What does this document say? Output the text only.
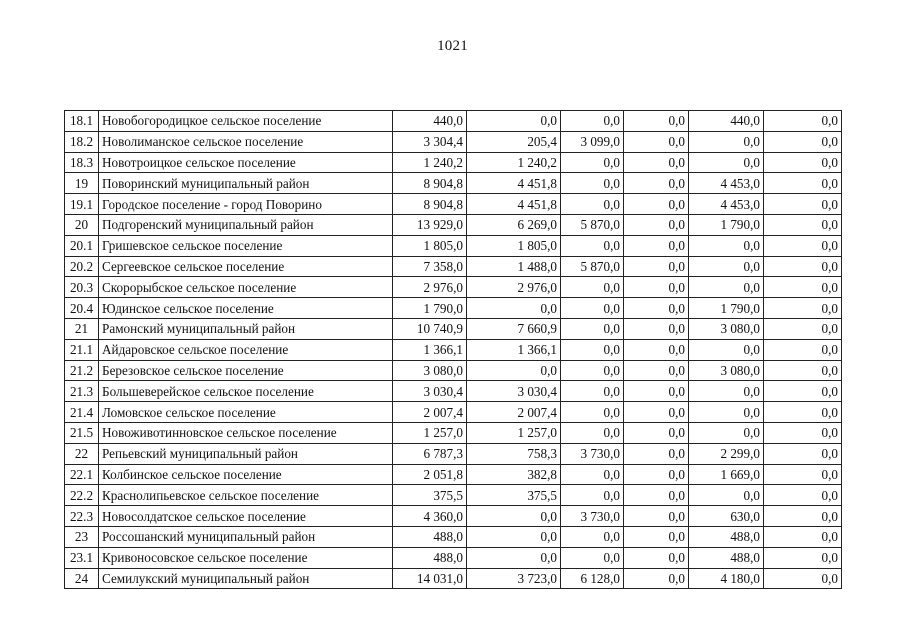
1021
18.1	Новобогородицкое сельское поселение	440,0	0,0	0,0	0,0	440,0	0,0
18.2	Новолиманское сельское поселение	3 304,4	205,4	3 099,0	0,0	0,0	0,0
18.3	Новотроицкое сельское поселение	1 240,2	1 240,2	0,0	0,0	0,0	0,0
19	Поворинский муниципальный район	8 904,8	4 451,8	0,0	0,0	4 453,0	0,0
19.1	Городское поселение - город Поворино	8 904,8	4 451,8	0,0	0,0	4 453,0	0,0
20	Подгоренский муниципальный район	13 929,0	6 269,0	5 870,0	0,0	1 790,0	0,0
20.1	Гришевское сельское поселение	1 805,0	1 805,0	0,0	0,0	0,0	0,0
20.2	Сергеевское сельское поселение	7 358,0	1 488,0	5 870,0	0,0	0,0	0,0
20.3	Скорорыбское сельское поселение	2 976,0	2 976,0	0,0	0,0	0,0	0,0
20.4	Юдинское сельское поселение	1 790,0	0,0	0,0	0,0	1 790,0	0,0
21	Рамонский муниципальный район	10 740,9	7 660,9	0,0	0,0	3 080,0	0,0
21.1	Айдаровское сельское поселение	1 366,1	1 366,1	0,0	0,0	0,0	0,0
21.2	Березовское сельское поселение	3 080,0	0,0	0,0	0,0	3 080,0	0,0
21.3	Большеверейское сельское поселение	3 030,4	3 030,4	0,0	0,0	0,0	0,0
21.4	Ломовское сельское поселение	2 007,4	2 007,4	0,0	0,0	0,0	0,0
21.5	Новоживотинновское сельское поселение	1 257,0	1 257,0	0,0	0,0	0,0	0,0
22	Репьевский муниципальный район	6 787,3	758,3	3 730,0	0,0	2 299,0	0,0
22.1	Колбинское сельское поселение	2 051,8	382,8	0,0	0,0	1 669,0	0,0
22.2	Краснолипьевское сельское поселение	375,5	375,5	0,0	0,0	0,0	0,0
22.3	Новосолдатское сельское поселение	4 360,0	0,0	3 730,0	0,0	630,0	0,0
23	Россошанский муниципальный район	488,0	0,0	0,0	0,0	488,0	0,0
23.1	Кривоносовское сельское поселение	488,0	0,0	0,0	0,0	488,0	0,0
24	Семилукский муниципальный район	14 031,0	3 723,0	6 128,0	0,0	4 180,0	0,0
